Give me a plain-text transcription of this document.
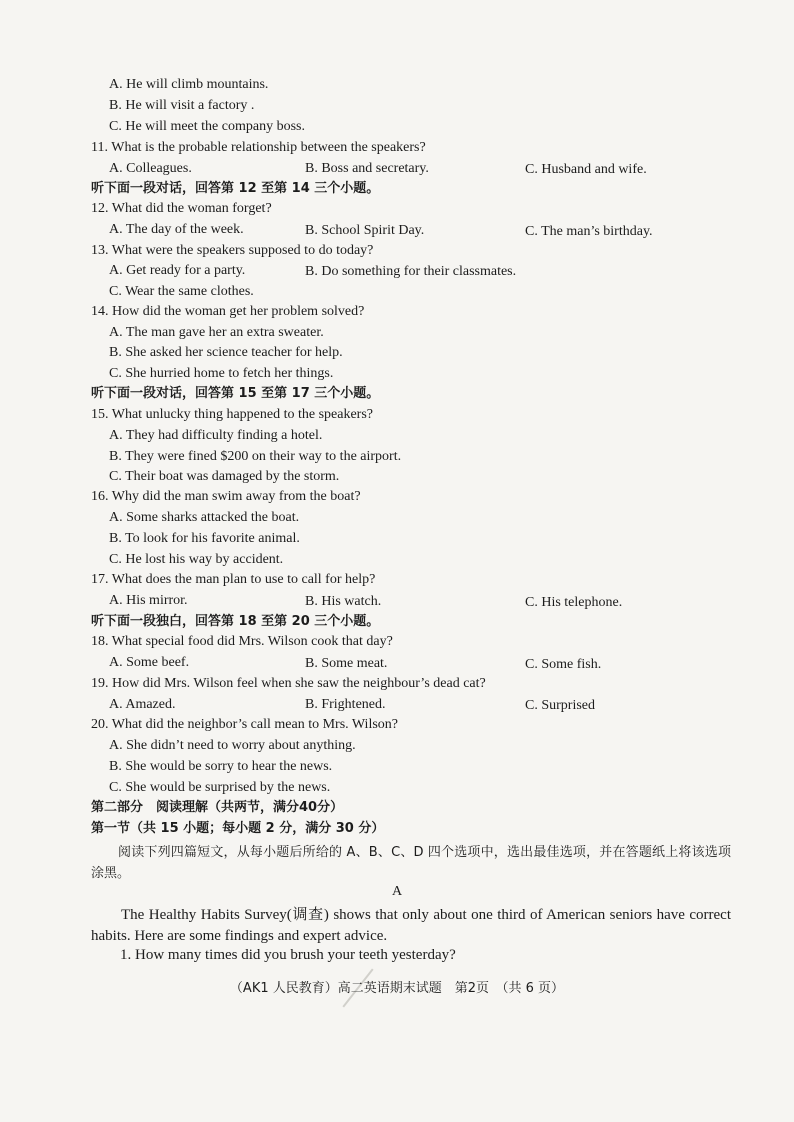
A. He will climb mountains.
B. He will visit a factory .
C. He will meet the company boss.
11. What is the probable relationship between the speakers?
A. Colleagues.	B. Boss and secretary.	C. Husband and wife.
听下面一段对话，回答第 12 至第 14 三个小题。
12. What did the woman forget?
A. The day of the week.	B. School Spirit Day.	C. The man’s birthday.
13. What were the speakers supposed to do today?
A. Get ready for a party.	B. Do something for their classmates.
C. Wear the same clothes.
14. How did the woman get her problem solved?
A. The man gave her an extra sweater.
B. She asked her science teacher for help.
C. She hurried home to fetch her things.
听下面一段对话，回答第 15 至第 17 三个小题。
15. What unlucky thing happened to the speakers?
A. They had difficulty finding a hotel.
B. They were fined $200 on their way to the airport.
C. Their boat was damaged by the storm.
16. Why did the man swim away from the boat?
A. Some sharks attacked the boat.
B. To look for his favorite animal.
C. He lost his way by accident.
17. What does the man plan to use to call for help?
A. His mirror.	B. His watch.	C. His telephone.
听下面一段独白，回答第 18 至第 20 三个小题。
18. What special food did Mrs. Wilson cook that day?
A. Some beef.	B. Some meat.	C. Some fish.
19. How did Mrs. Wilson feel when she saw the neighbour’s dead cat?
A. Amazed.	B. Frightened.	C. Surprised
20. What did the neighbor’s call mean to Mrs. Wilson?
A. She didn’t need to worry about anything.
B. She would be sorry to hear the news.
C. She would be surprised by the news.
第二部分　阅读理解（共两节，满分40分）
第一节（共 15 小题；每小题 2 分，满分 30 分）
阅读下列四篇短文，从每小题后所给的 A、B、C、D 四个选项中，选出最佳选项，并在答题纸上将该选项涂黑。
A
The Healthy Habits Survey(调查) shows that only about one third of American seniors have correct habits. Here are some findings and expert advice.
1. How many times did you brush your teeth yesterday?
（AK1 人民教育）高二英语期末试题　第2页　（共 6 页）
